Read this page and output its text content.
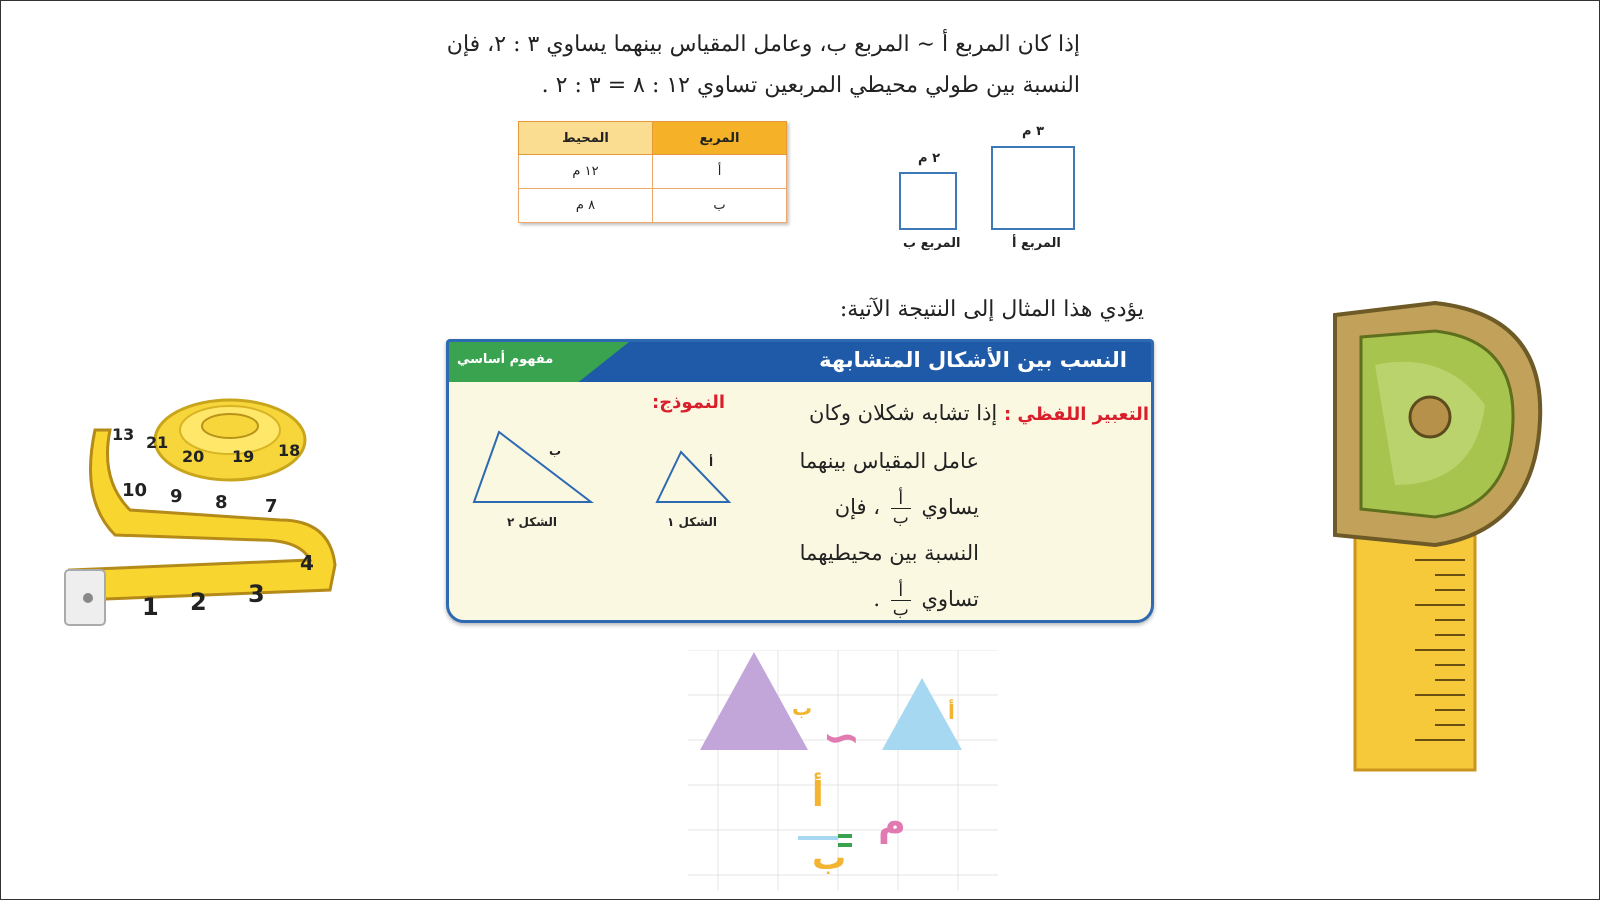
إذا كان المربع أ ∽ المربع ب، وعامل المقياس بينهما يساوي ٣ : ٢، فإن
النسبة بين طولي محيطي المربعين تساوي ١٢ : ٨ = ٣ : ٢ .
المربع	المحيط
أ	١٢ م
ب	٨ م
٣ م
المربع أ
٢ م
المربع ب
يؤدي هذا المثال إلى النتيجة الآتية:
مفهوم أساسي	النسب بين الأشكال المتشابهة
التعبير اللفظي : إذا تشابه شكلان وكان
عامل المقياس بينهما
يساوي
$\frac{\text{أ}}{\text{ب}}$
، فإن
النسبة بين محيطيهما
تساوي
$\frac{\text{أ}}{\text{ب}}$
.
النموذج:
ب
الشكل ٢
أ
الشكل ١
ب	أ
∽
أ
ب
م
1 2 3
4
7
8
9
10
13
18
19
20
21
